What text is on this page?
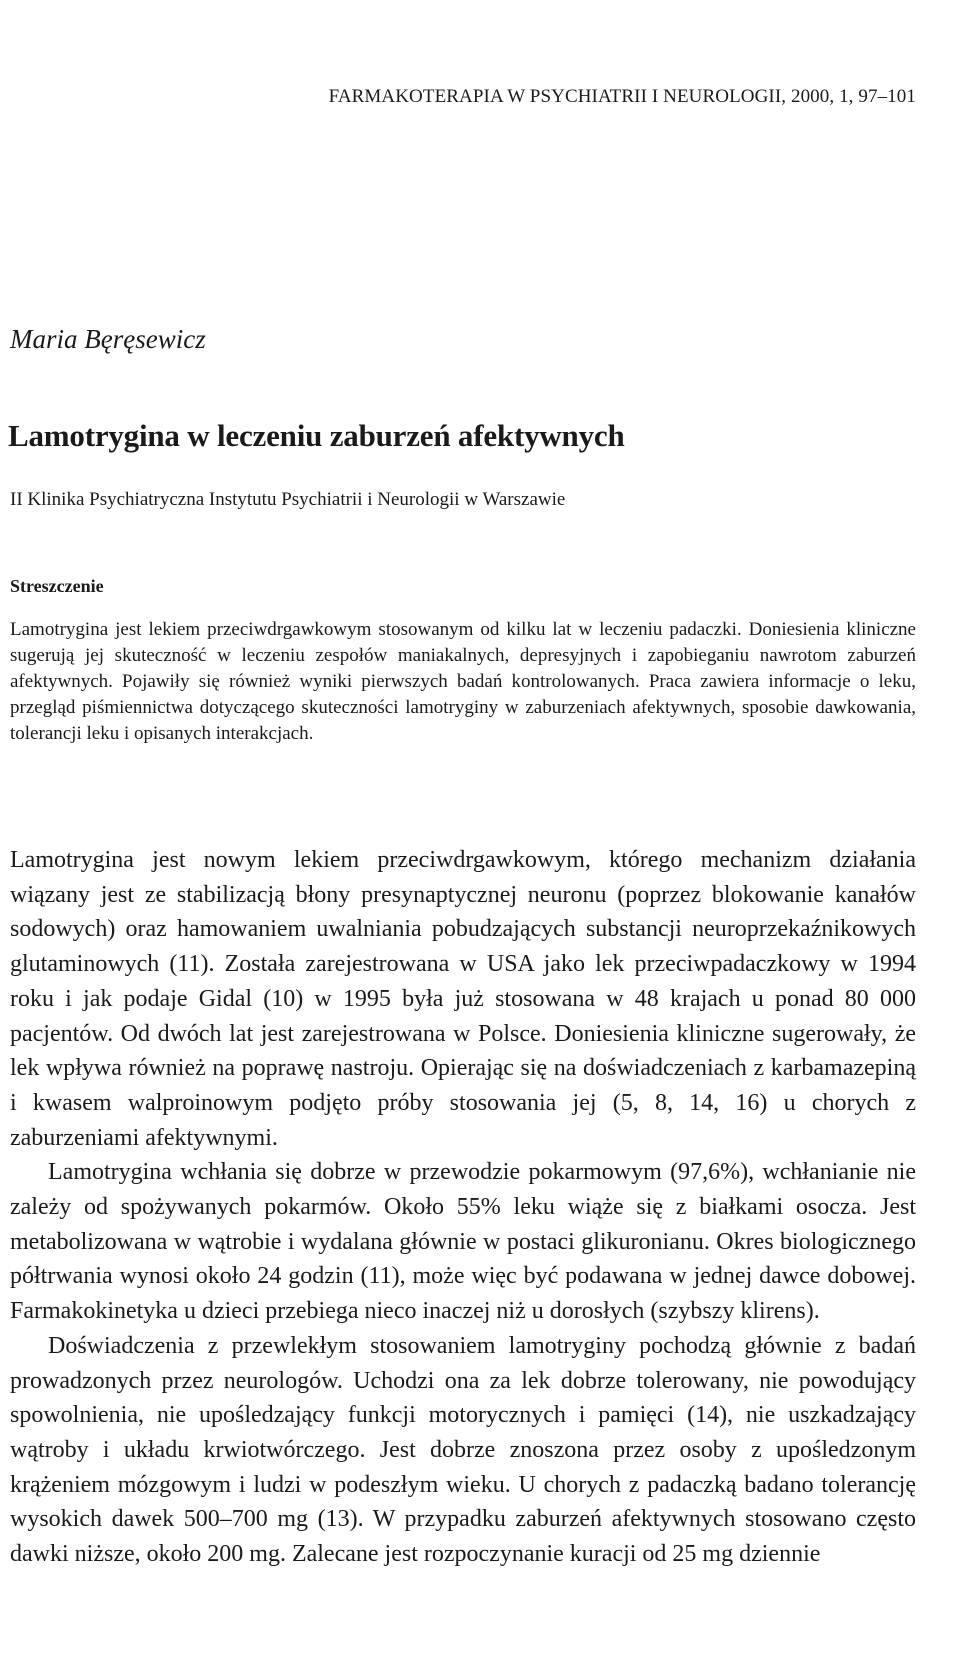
FARMAKOTERAPIA W PSYCHIATRII I NEUROLOGII, 2000, 1, 97–101
Maria Bęręsewicz
Lamotrygina w leczeniu zaburzeń afektywnych
II Klinika Psychiatryczna Instytutu Psychiatrii i Neurologii w Warszawie
Streszczenie

Lamotrygina jest lekiem przeciwdrgawkowym stosowanym od kilku lat w leczeniu padaczki. Doniesienia kliniczne sugerują jej skuteczność w leczeniu zespołów maniakalnych, depresyjnych i zapobieganiu nawrotom zaburzeń afektywnych. Pojawiły się również wyniki pierwszych badań kontrolowanych. Praca zawiera informacje o leku, przegląd piśmiennictwa dotyczącego skuteczności lamotryginy w zaburzeniach afektywnych, sposobie dawkowania, tolerancji leku i opisanych interakcjach.

Lamotrygina jest nowym lekiem przeciwdrgawkowym, którego mechanizm działania wiązany jest ze stabilizacją błony presynaptycznej neuronu (poprzez blokowanie kanałów sodowych) oraz hamowaniem uwalniania pobudzających substancji neuroprzekaźnikowych glutaminowych (11). Została zarejestrowana w USA jako lek przeciwpadaczkowy w 1994 roku i jak podaje Gidal (10) w 1995 była już stosowana w 48 krajach u ponad 80 000 pacjentów. Od dwóch lat jest zarejestrowana w Polsce. Doniesienia kliniczne sugerowały, że lek wpływa również na poprawę nastroju. Opierając się na doświadczeniach z karbamazepiną i kwasem walproinowym podjęto próby stosowania jej (5, 8, 14, 16) u chorych z zaburzeniami afektywnymi.

Lamotrygina wchłania się dobrze w przewodzie pokarmowym (97,6%), wchłanianie nie zależy od spożywanych pokarmów. Około 55% leku wiąże się z białkami osocza. Jest metabolizowana w wątrobie i wydalana głównie w postaci glikuronianu. Okres biologicznego półtrwania wynosi około 24 godzin (11), może więc być podawana w jednej dawce dobowej. Farmakokinetyka u dzieci przebiega nieco inaczej niż u dorosłych (szybszy klirens).

Doświadczenia z przewlekłym stosowaniem lamotryginy pochodzą głównie z badań prowadzonych przez neurologów. Uchodzi ona za lek dobrze tolerowany, nie powodujący spowolnienia, nie upośledzający funkcji motorycznych i pamięci (14), nie uszkadzający wątroby i układu krwiotwórczego. Jest dobrze znoszona przez osoby z upośledzonym krążeniem mózgowym i ludzi w podeszłym wieku. U chorych z padaczką badano tolerancję wysokich dawek 500–700 mg (13). W przypadku zaburzeń afektywnych stosowano często dawki niższe, około 200 mg. Zalecane jest rozpoczynanie kuracji od 25 mg dziennie
